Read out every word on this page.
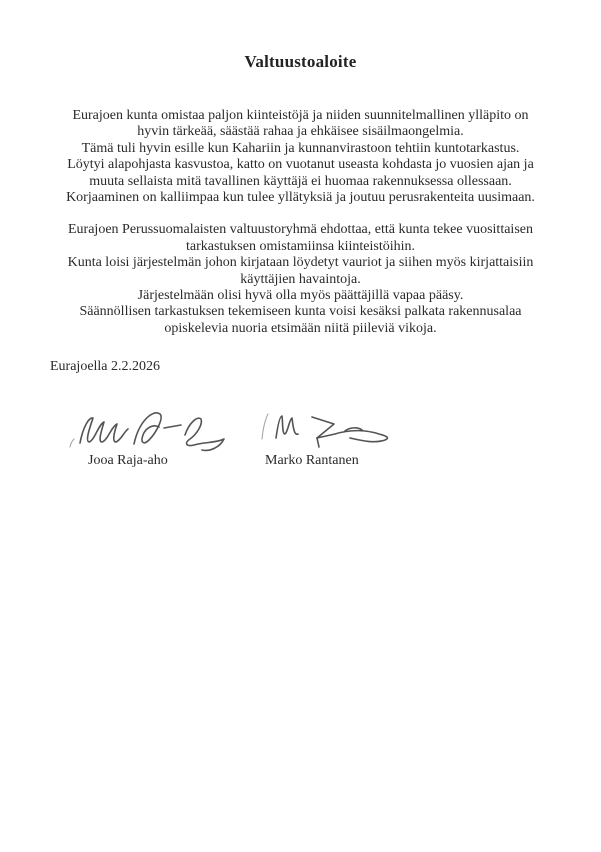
Valtuustoaloite
Eurajoen kunta omistaa paljon kiinteistöjä ja niiden suunnitelmallinen ylläpito on
hyvin tärkeää, säästää rahaa ja ehkäisee sisäilmaongelmia.
Tämä tuli hyvin esille kun Kahariin ja kunnanvirastoon tehtiin kuntotarkastus.
Löytyi alapohjasta kasvustoa, katto on vuotanut useasta kohdasta jo vuosien ajan ja
muuta sellaista mitä tavallinen käyttäjä ei huomaa rakennuksessa ollessaan.
Korjaaminen on kalliimpaa kun tulee yllätyksiä ja joutuu perusrakenteita uusimaan.
Eurajoen Perussuomalaisten valtuustoryhmä ehdottaa, että kunta tekee vuosittaisen
tarkastuksen omistamiinsa kiinteistöihin.
Kunta loisi järjestelmän johon kirjataan löydetyt vauriot ja siihen myös kirjattaisiin
käyttäjien havaintoja.
Järjestelmään olisi hyvä olla myös päättäjillä vapaa pääsy.
Säännöllisen tarkastuksen tekemiseen kunta voisi kesäksi palkata rakennusalaa
opiskelevia nuoria etsimään niitä piileviä vikoja.
Eurajoella 2.2.2026
Jooa Raja-aho	Marko Rantanen
